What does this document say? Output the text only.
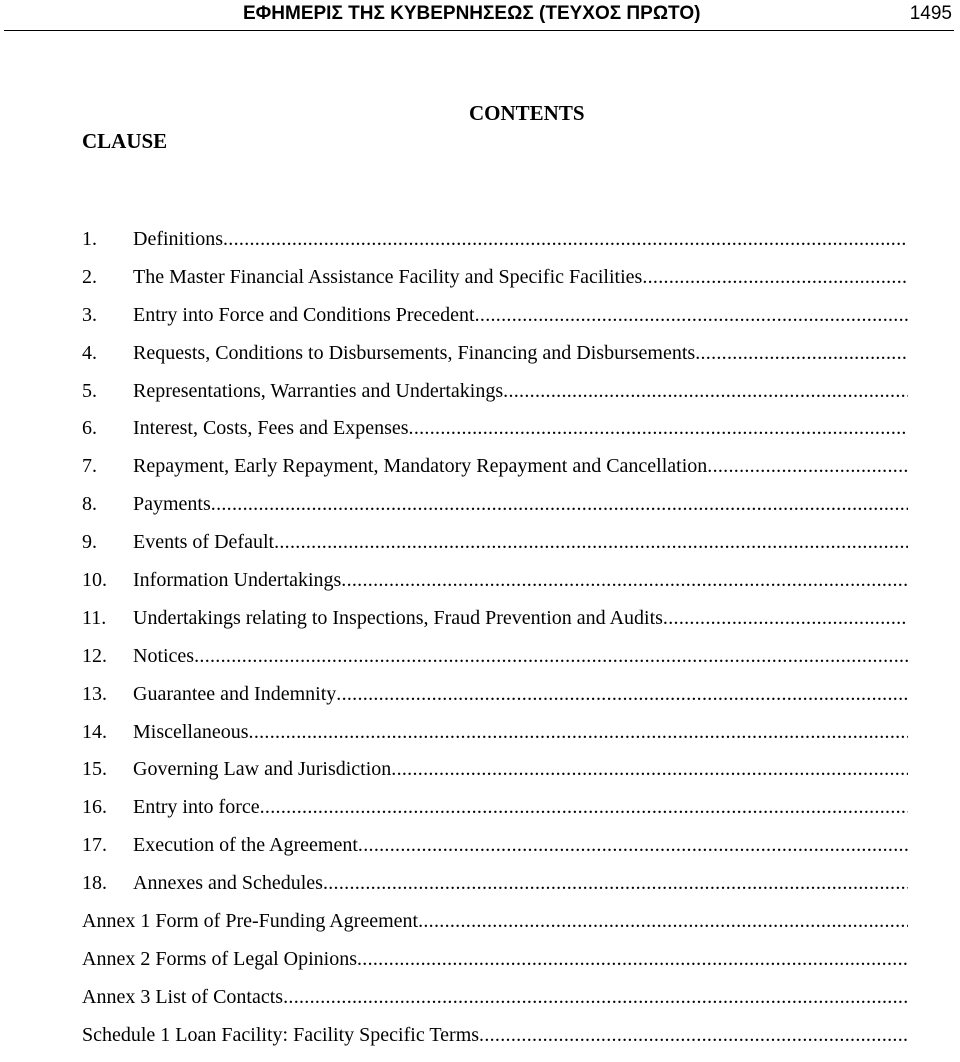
ΕΦΗΜΕΡΙΣ ΤΗΣ ΚΥΒΕΡΝΗΣΕΩΣ (ΤΕΥΧΟΣ ΠΡΩΤΟ)	1495
CONTENTS
CLAUSE
1.	Definitions
.....
2.	The Master Financial Assistance Facility and Specific Facilities
.....
3.	Entry into Force and Conditions Precedent
.....
4.	Requests, Conditions to Disbursements, Financing and Disbursements
.....
5.	Representations, Warranties and Undertakings
.....
6.	Interest, Costs, Fees and Expenses
.....
7.	Repayment, Early Repayment, Mandatory Repayment and Cancellation
.....
8.	Payments
.....
9.	Events of Default
.....
10.	Information Undertakings
.....
11.	Undertakings relating to Inspections, Fraud Prevention and Audits
.....
12.	Notices
.....
13.	Guarantee and Indemnity
.....
14.	Miscellaneous
.....
15.	Governing Law and Jurisdiction
.....
16.	Entry into force
.....
17.	Execution of the Agreement
.....
18.	Annexes and Schedules
.....
Annex 1 Form of Pre-Funding Agreement
.....
Annex 2 Forms of Legal Opinions
.....
Annex 3 List of Contacts
.....
Schedule 1 Loan Facility: Facility Specific Terms
.....
